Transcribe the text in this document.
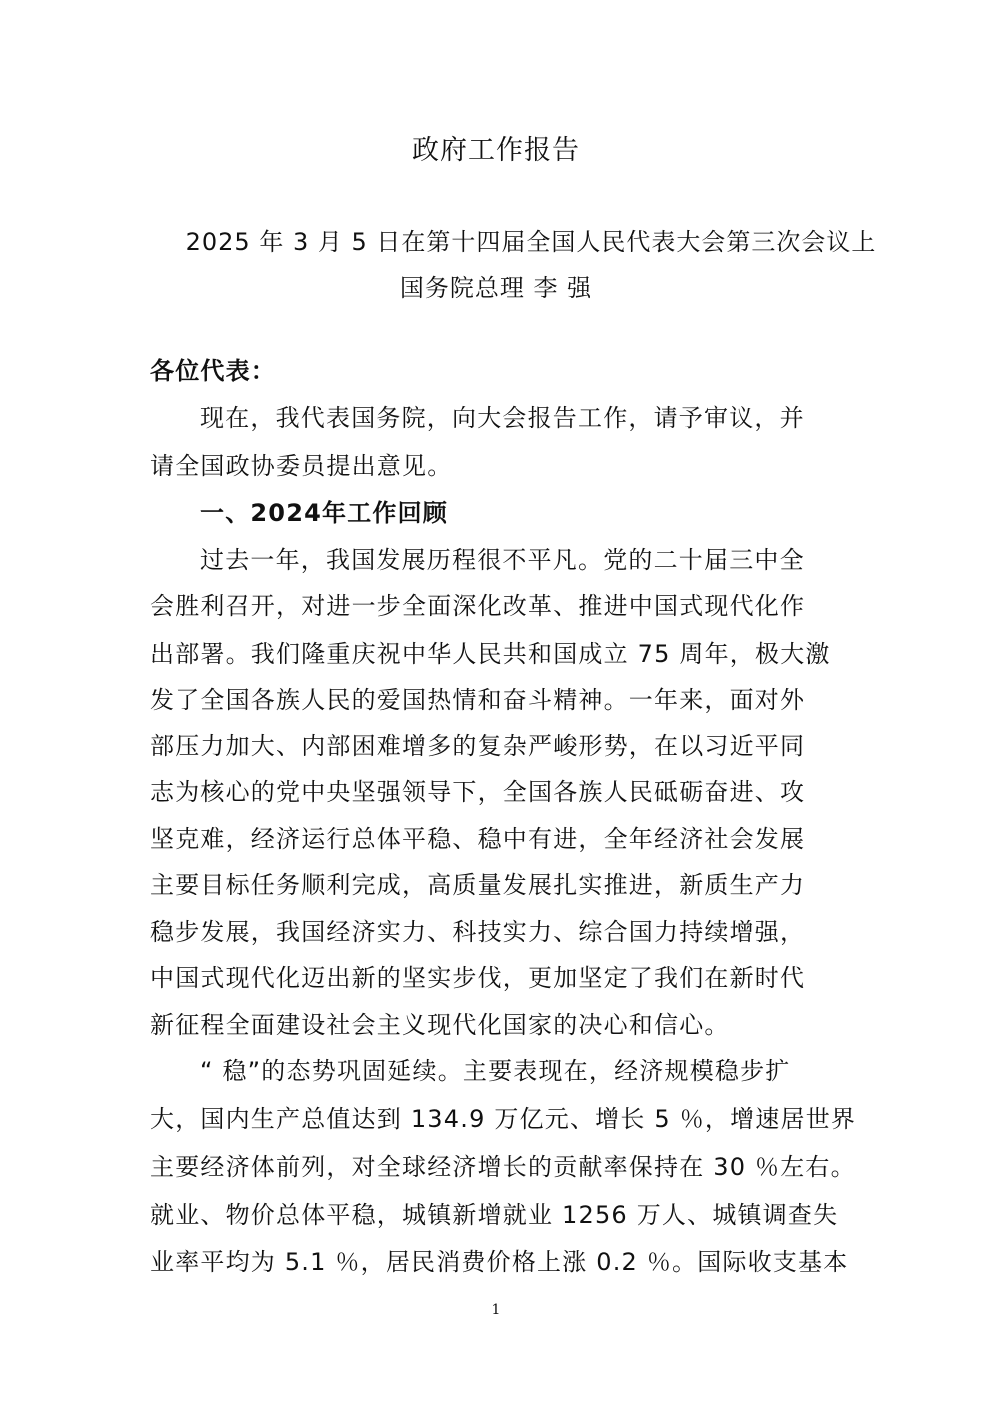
政府工作报告
2025 年 3 月 5 日在第十四届全国人民代表大会第三次会议上
国务院总理 李 强
各位代表：
现在，我代表国务院，向大会报告工作，请予审议，并
请全国政协委员提出意见。
一、2024年工作回顾
过去一年，我国发展历程很不平凡。党的二十届三中全
会胜利召开，对进一步全面深化改革、推进中国式现代化作
出部署。我们隆重庆祝中华人民共和国成立 75 周年，极大激
发了全国各族人民的爱国热情和奋斗精神。一年来，面对外
部压力加大、内部困难增多的复杂严峻形势，在以习近平同
志为核心的党中央坚强领导下，全国各族人民砥砺奋进、攻
坚克难，经济运行总体平稳、稳中有进，全年经济社会发展
主要目标任务顺利完成，高质量发展扎实推进，新质生产力
稳步发展，我国经济实力、科技实力、综合国力持续增强，
中国式现代化迈出新的坚实步伐，更加坚定了我们在新时代
新征程全面建设社会主义现代化国家的决心和信心。
“ 稳”的态势巩固延续。主要表现在，经济规模稳步扩
大，国内生产总值达到 134.9 万亿元、增长 5 ％，增速居世界
主要经济体前列，对全球经济增长的贡献率保持在 30 ％左右。
就业、物价总体平稳，城镇新增就业 1256 万人、城镇调查失
业率平均为 5.1 ％，居民消费价格上涨 0.2 ％。国际收支基本
1
